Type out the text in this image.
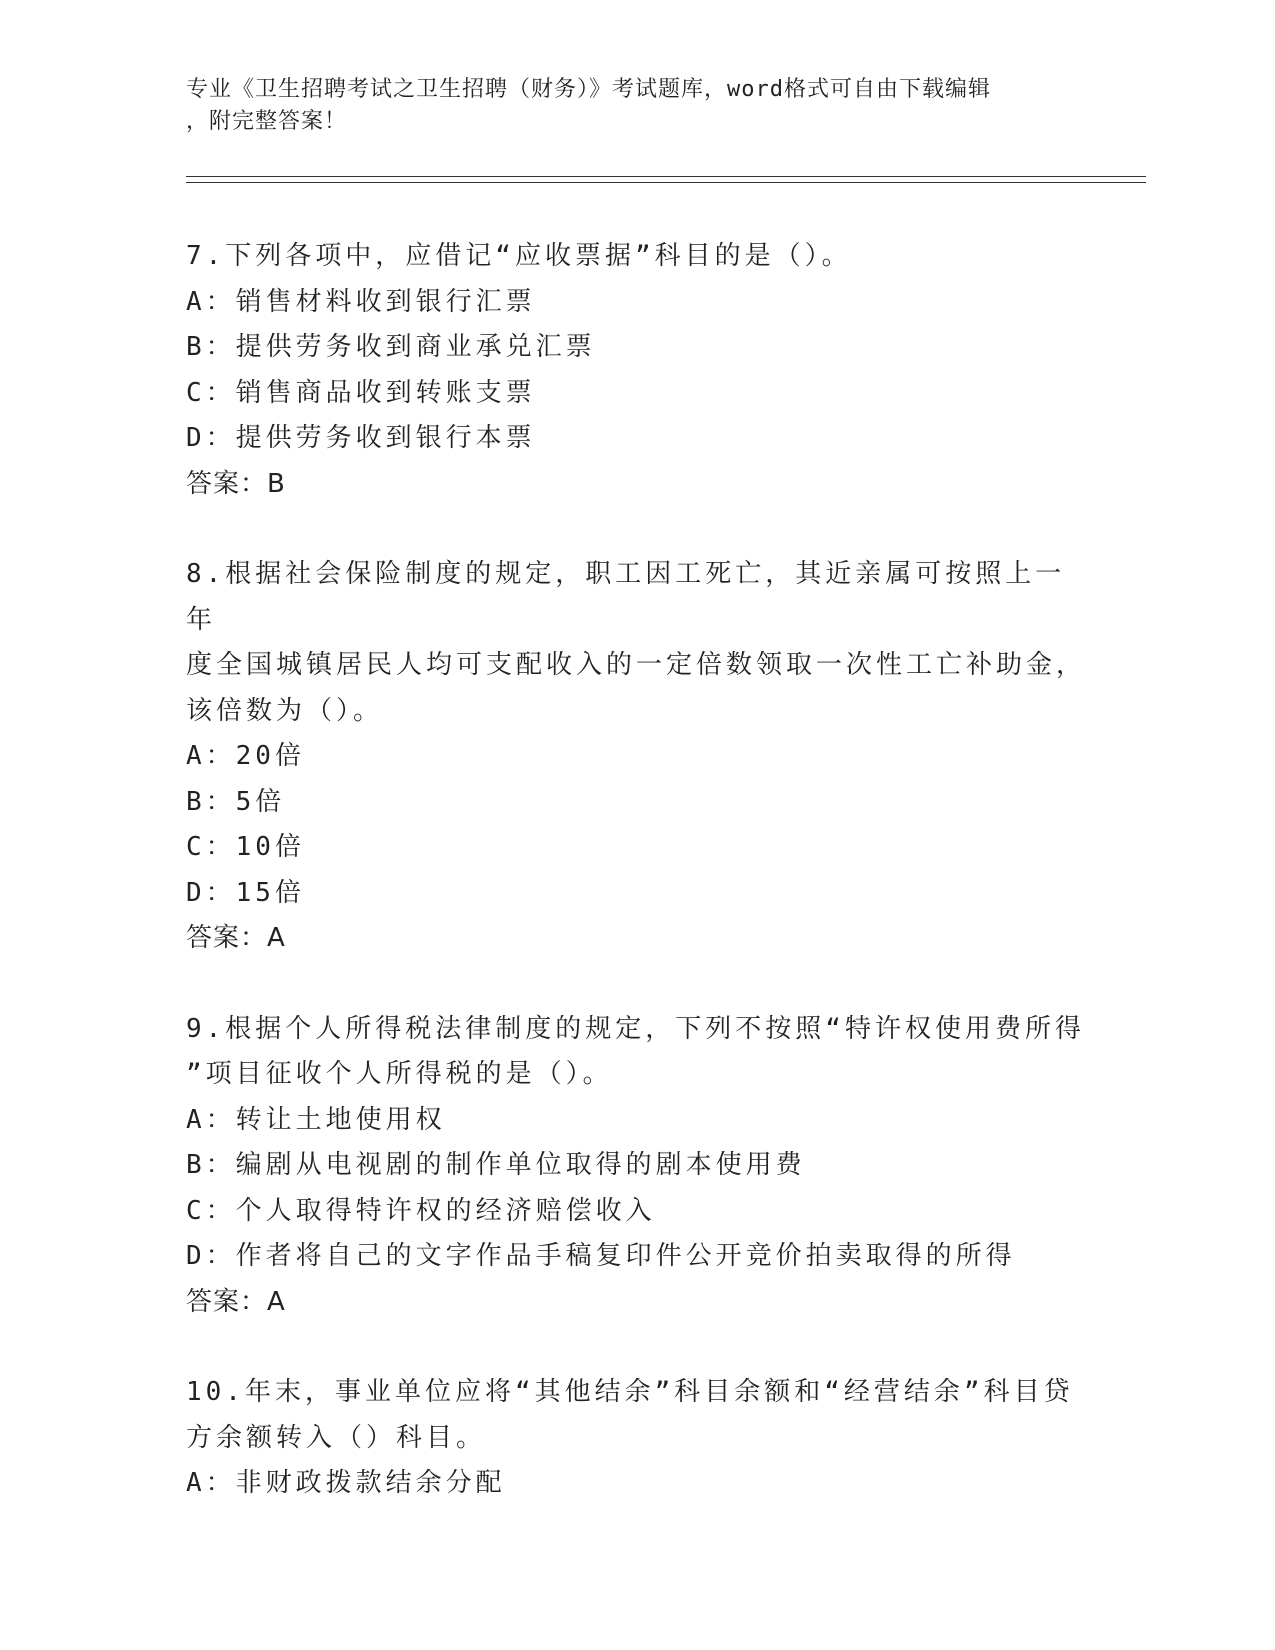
专业《卫生招聘考试之卫生招聘（财务）》考试题库，word格式可自由下载编辑
，附完整答案！
7.下列各项中，应借记“应收票据”科目的是（）。
A：销售材料收到银行汇票
B：提供劳务收到商业承兑汇票
C：销售商品收到转账支票
D：提供劳务收到银行本票
答案：B
8.根据社会保险制度的规定，职工因工死亡，其近亲属可按照上一年
度全国城镇居民人均可支配收入的一定倍数领取一次性工亡补助金，
该倍数为（）。
A：20倍
B：5倍
C：10倍
D：15倍
答案：A
9.根据个人所得税法律制度的规定，下列不按照“特许权使用费所得
”项目征收个人所得税的是（）。
A：转让土地使用权
B：编剧从电视剧的制作单位取得的剧本使用费
C：个人取得特许权的经济赔偿收入
D：作者将自己的文字作品手稿复印件公开竞价拍卖取得的所得
答案：A
10.年末，事业单位应将“其他结余”科目余额和“经营结余”科目贷
方余额转入（）科目。
A：非财政拨款结余分配
